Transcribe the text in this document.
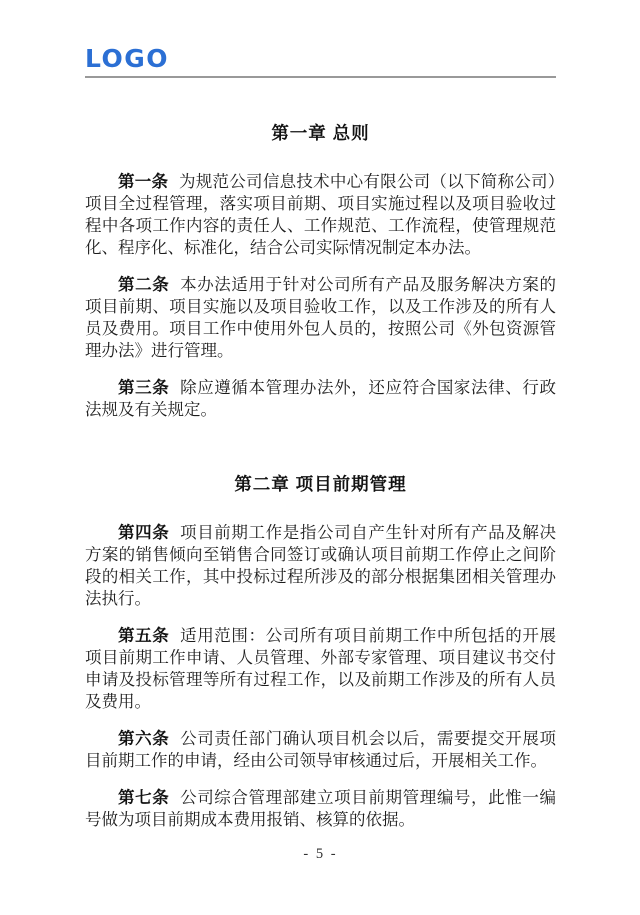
LOGO
第一章 总则

第一条 为规范公司信息技术中心有限公司（以下简称公司）项目全过程管理，落实项目前期、项目实施过程以及项目验收过程中各项工作内容的责任人、工作规范、工作流程，使管理规范化、程序化、标准化，结合公司实际情况制定本办法。

第二条 本办法适用于针对公司所有产品及服务解决方案的项目前期、项目实施以及项目验收工作，以及工作涉及的所有人员及费用。项目工作中使用外包人员的，按照公司《外包资源管理办法》进行管理。

第三条 除应遵循本管理办法外，还应符合国家法律、行政法规及有关规定。

第二章 项目前期管理

第四条 项目前期工作是指公司自产生针对所有产品及解决方案的销售倾向至销售合同签订或确认项目前期工作停止之间阶段的相关工作，其中投标过程所涉及的部分根据集团相关管理办法执行。

第五条 适用范围：公司所有项目前期工作中所包括的开展项目前期工作申请、人员管理、外部专家管理、项目建议书交付申请及投标管理等所有过程工作，以及前期工作涉及的所有人员及费用。

第六条 公司责任部门确认项目机会以后，需要提交开展项目前期工作的申请，经由公司领导审核通过后，开展相关工作。

第七条 公司综合管理部建立项目前期管理编号，此惟一编号做为项目前期成本费用报销、核算的依据。

- 5 -
